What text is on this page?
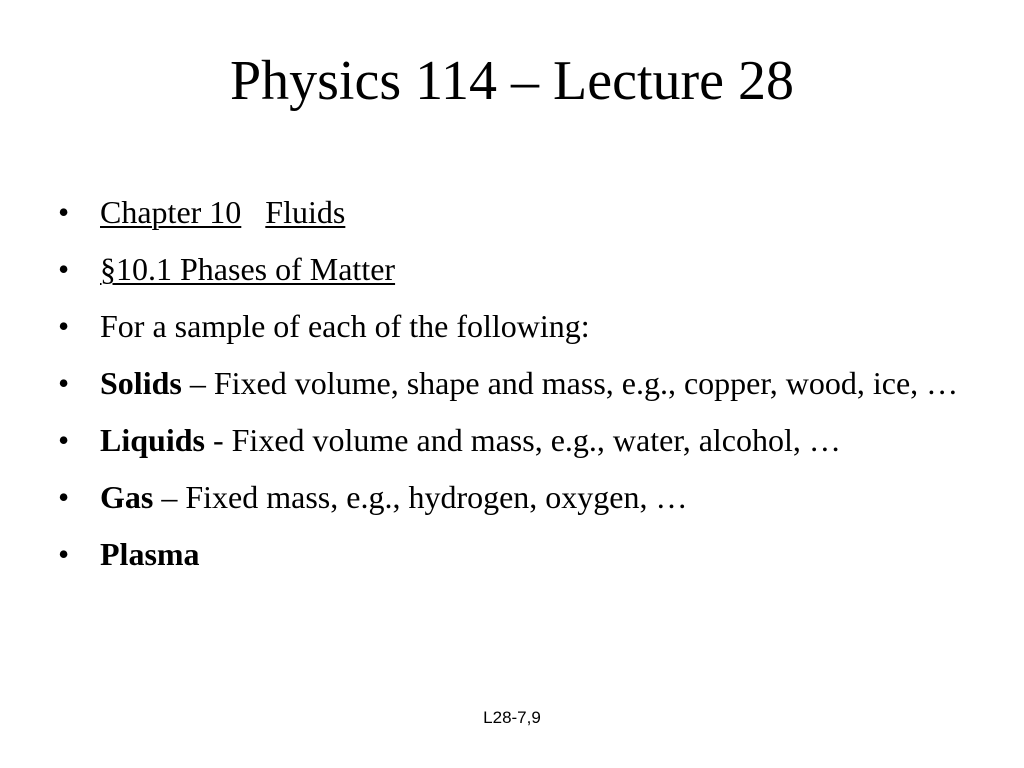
Physics 114 – Lecture 28
• Chapter 10 Fluids
• §10.1 Phases of Matter
• For a sample of each of the following:
• Solids – Fixed volume, shape and mass, e.g., copper, wood, ice, …
• Liquids - Fixed volume and mass, e.g., water, alcohol, …
• Gas – Fixed mass, e.g., hydrogen, oxygen, …
• Plasma
L28-7,9
